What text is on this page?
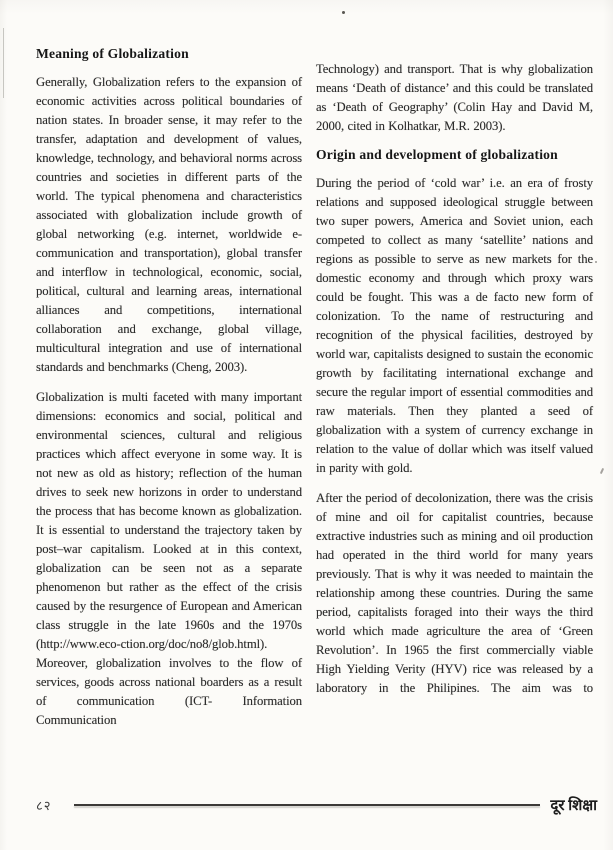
Meaning of Globalization

Generally, Globalization refers to the expansion of economic activities across political boundaries of nation states. In broader sense, it may refer to the transfer, adaptation and development of values, knowledge, technology, and behavioral norms across countries and societies in different parts of the world. The typical phenomena and characteristics associated with globalization include growth of global networking (e.g. internet, worldwide e-communication and transportation), global transfer and interflow in technological, economic, social, political, cultural and learning areas, international alliances and competitions, international collaboration and exchange, global village, multicultural integration and use of international standards and benchmarks (Cheng, 2003).

Globalization is multi faceted with many important dimensions: economics and social, political and environmental sciences, cultural and religious practices which affect everyone in some way. It is not new as old as history; reflection of the human drives to seek new horizons in order to understand the process that has become known as globalization. It is essential to understand the trajectory taken by post–war capitalism. Looked at in this context, globalization can be seen not as a separate phenomenon but rather as the effect of the crisis caused by the resurgence of European and American class struggle in the late 1960s and the 1970s (http://www.eco-ction.org/doc/no8/glob.html). Moreover, globalization involves to the flow of services, goods across national boarders as a result of communication (ICT- Information Communication

Technology) and transport. That is why globalization means ‘Death of distance’ and this could be translated as ‘Death of Geography’ (Colin Hay and David M, 2000, cited in Kolhatkar, M.R. 2003).

Origin and development of globalization

During the period of ‘cold war’ i.e. an era of frosty relations and supposed ideological struggle between two super powers, America and Soviet union, each competed to collect as many ‘satellite’ nations and regions as possible to serve as new markets for the domestic economy and through which proxy wars could be fought. This was a de facto new form of colonization. To the name of restructuring and recognition of the physical facilities, destroyed by world war, capitalists designed to sustain the economic growth by facilitating international exchange and secure the regular import of essential commodities and raw materials. Then they planted a seed of globalization with a system of currency exchange in relation to the value of dollar which was itself valued in parity with gold.

After the period of decolonization, there was the crisis of mine and oil for capitalist countries, because extractive industries such as mining and oil production had operated in the third world for many years previously. That is why it was needed to maintain the relationship among these countries. During the same period, capitalists foraged into their ways the third world which made agriculture the area of ‘Green Revolution’. In 1965 the first commercially viable High Yielding Verity (HYV) rice was released by a laboratory in the Philipines. The aim was to

८२	दूर शिक्षा
